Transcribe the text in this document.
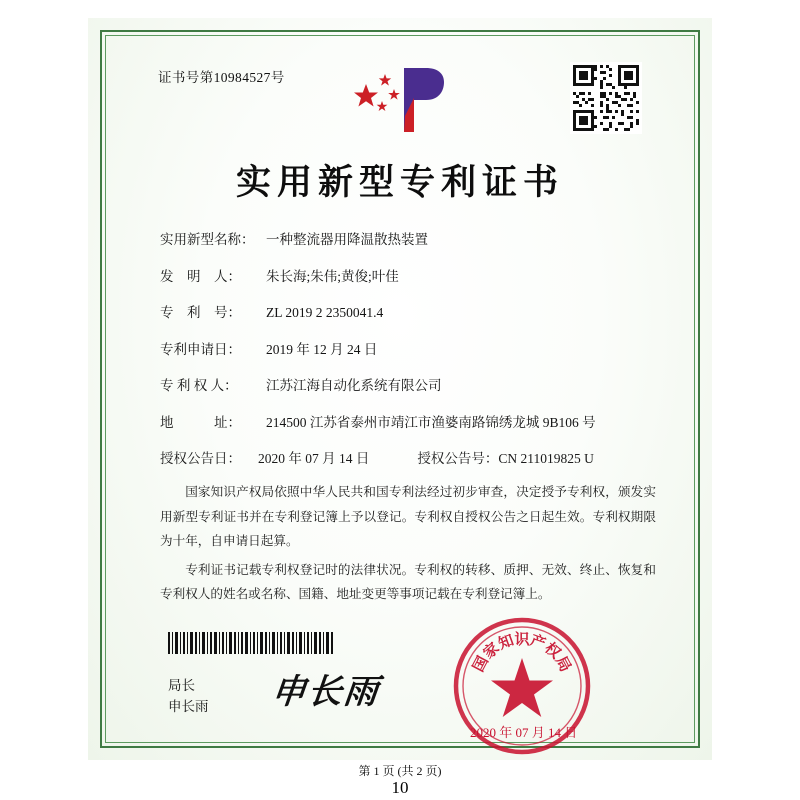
证书号第10984527号
实用新型专利证书
实用新型名称： 一种整流器用降温散热装置
发　明　人：	朱长海;朱伟;黄俊;叶佳
专　利　号：	ZL 2019 2 2350041.4
专利申请日：	2019 年 12 月 24 日
专 利 权 人：	江苏江海自动化系统有限公司
地　　　址：	214500 江苏省泰州市靖江市渔婆南路锦绣龙城 9B106 号
授权公告日：	2020 年 07 月 14 日	授权公告号： CN 211019825 U

国家知识产权局依照中华人民共和国专利法经过初步审查，决定授予专利权，颁发实用新型专利证书并在专利登记簿上予以登记。专利权自授权公告之日起生效。专利权期限为十年，自申请日起算。

专利证书记载专利权登记时的法律状况。专利权的转移、质押、无效、终止、恢复和专利权人的姓名或名称、国籍、地址变更等事项记载在专利登记簿上。

局长
申长雨 申长雨
国
家
知
识
产
权
局
2020 年 07 月 14 日
第 1 页 (共 2 页)
10
